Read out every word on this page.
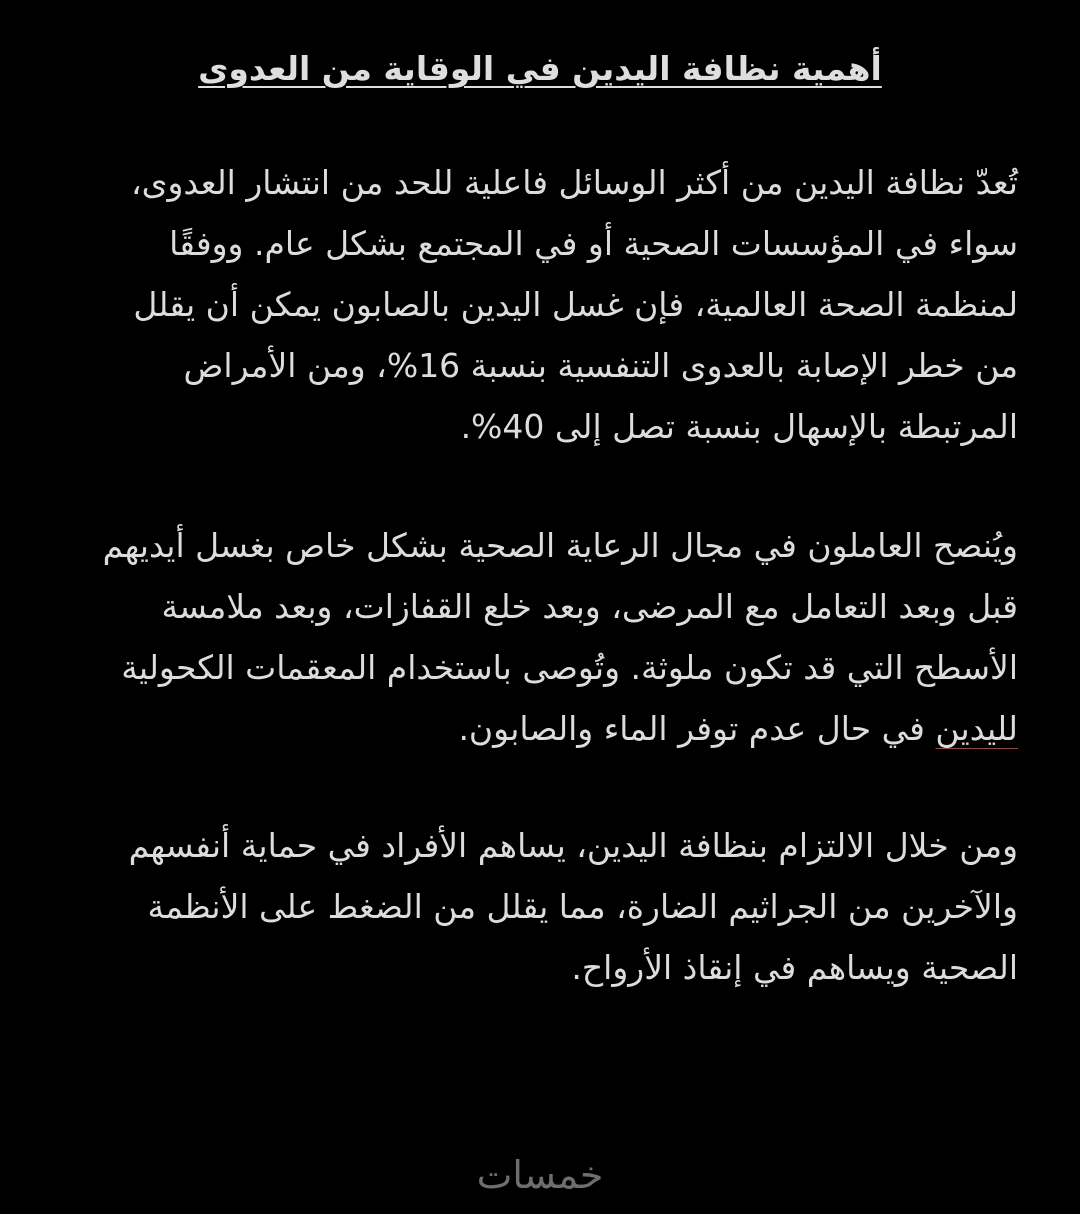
أهمية نظافة اليدين في الوقاية من العدوى
تُعدّ نظافة اليدين من أكثر الوسائل فاعلية للحد من انتشار العدوى، سواء في المؤسسات الصحية أو في المجتمع بشكل عام. ووفقًا لمنظمة الصحة العالمية، فإن غسل اليدين بالصابون يمكن أن يقلل من خطر الإصابة بالعدوى التنفسية بنسبة 16%، ومن الأمراض المرتبطة بالإسهال بنسبة تصل إلى 40%.
ويُنصح العاملون في مجال الرعاية الصحية بشكل خاص بغسل أيديهم قبل وبعد التعامل مع المرضى، وبعد خلع القفازات، وبعد ملامسة الأسطح التي قد تكون ملوثة. وتُوصى باستخدام المعقمات الكحولية لليدين في حال عدم توفر الماء والصابون.
ومن خلال الالتزام بنظافة اليدين، يساهم الأفراد في حماية أنفسهم والآخرين من الجراثيم الضارة، مما يقلل من الضغط على الأنظمة الصحية ويساهم في إنقاذ الأرواح.
خمسات
